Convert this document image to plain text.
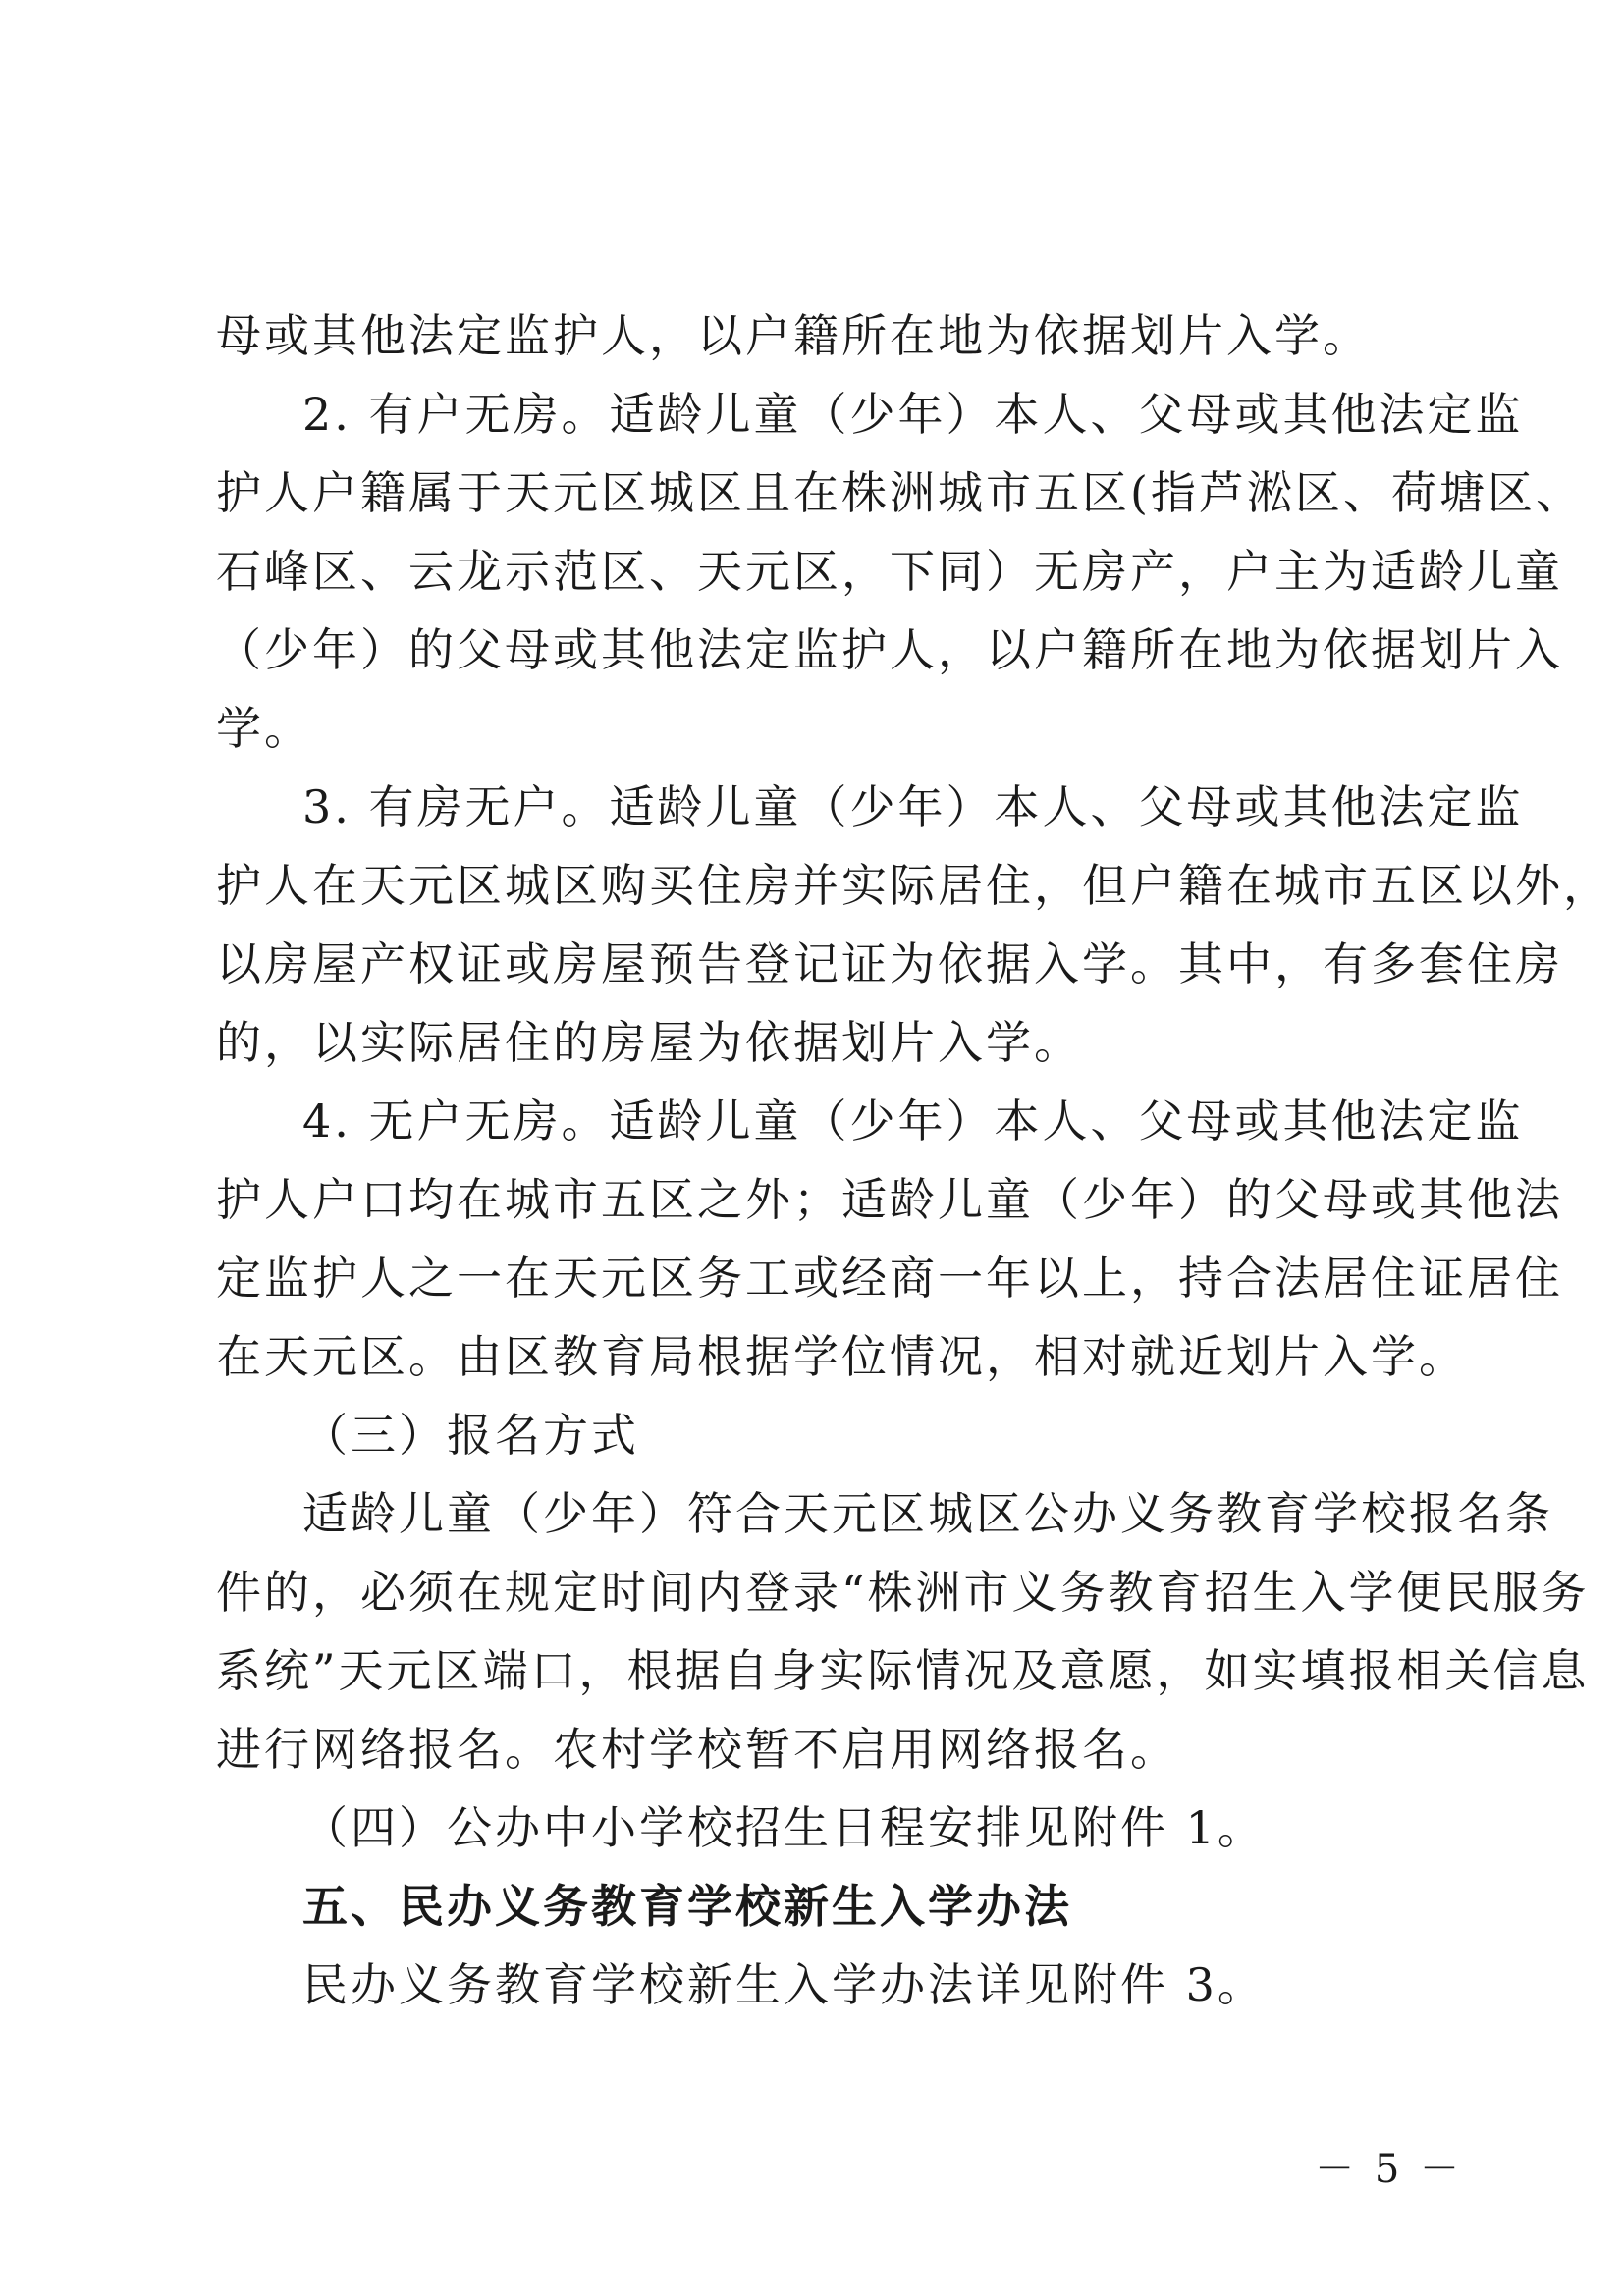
母或其他法定监护人，以户籍所在地为依据划片入学。
2. 有户无房。适龄儿童（少年）本人、父母或其他法定监
护人户籍属于天元区城区且在株洲城市五区(指芦淞区、荷塘区、
石峰区、云龙示范区、天元区，下同）无房产，户主为适龄儿童
（少年）的父母或其他法定监护人，以户籍所在地为依据划片入
学。
3. 有房无户。适龄儿童（少年）本人、父母或其他法定监
护人在天元区城区购买住房并实际居住，但户籍在城市五区以外，
以房屋产权证或房屋预告登记证为依据入学。其中，有多套住房
的，以实际居住的房屋为依据划片入学。
4. 无户无房。适龄儿童（少年）本人、父母或其他法定监
护人户口均在城市五区之外；适龄儿童（少年）的父母或其他法
定监护人之一在天元区务工或经商一年以上，持合法居住证居住
在天元区。由区教育局根据学位情况，相对就近划片入学。
（三）报名方式
适龄儿童（少年）符合天元区城区公办义务教育学校报名条
件的，必须在规定时间内登录“株洲市义务教育招生入学便民服务
系统”天元区端口，根据自身实际情况及意愿，如实填报相关信息
进行网络报名。农村学校暂不启用网络报名。
（四）公办中小学校招生日程安排见附件 1。
五、民办义务教育学校新生入学办法
民办义务教育学校新生入学办法详见附件 3。
－ 5 －
